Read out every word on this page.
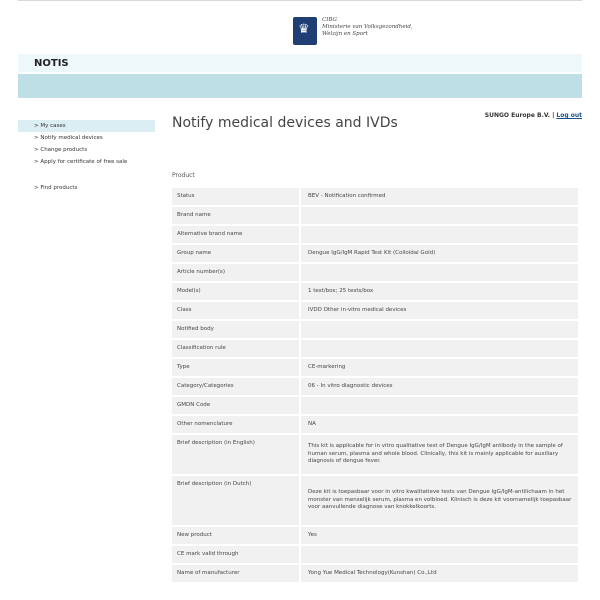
♛
CIBG
Ministerie van Volksgezondheid,
Welzijn en Sport
NOTIS
> My cases
> Notify medical devices
> Change products
> Apply for certificate of free sale
> Find products
Notify medical devices and IVDs	SUNGO Europe B.V. | Log out
Product
Status	BEV - Notification confirmed
Brand name	
Alternative brand name	
Group name	Dengue IgG/IgM Rapid Test Kit (Colloidal Gold)
Article number(s)	
Model(s)	1 test/box; 25 tests/box
Class	IVDD Other in-vitro medical devices
Notified body	
Classification rule	
Type	CE-markering
Category/Categories	06 - In vitro diagnostic devices
GMDN Code	
Other nomenclature	NA
Brief description (in English)	This kit is applicable for in vitro qualitative test of Dengue IgG/IgM antibody in the sample of human serum, plasma and whole blood. Clinically, this kit is mainly applicable for auxiliary diagnosis of dengue fever.
Brief description (in Dutch)	Deze kit is toepasbaar voor in vitro kwalitatieve tests van Dengue IgG/IgM-antilichaam in het monster van menselijk serum, plasma en volbloed. Klinisch is deze kit voornamelijk toepasbaar voor aanvullende diagnose van knokkelkoorts.
New product	Yes
CE mark valid through	
Name of manufacturer	Yong Yue Medical Technology(Kunshan) Co.,Ltd
